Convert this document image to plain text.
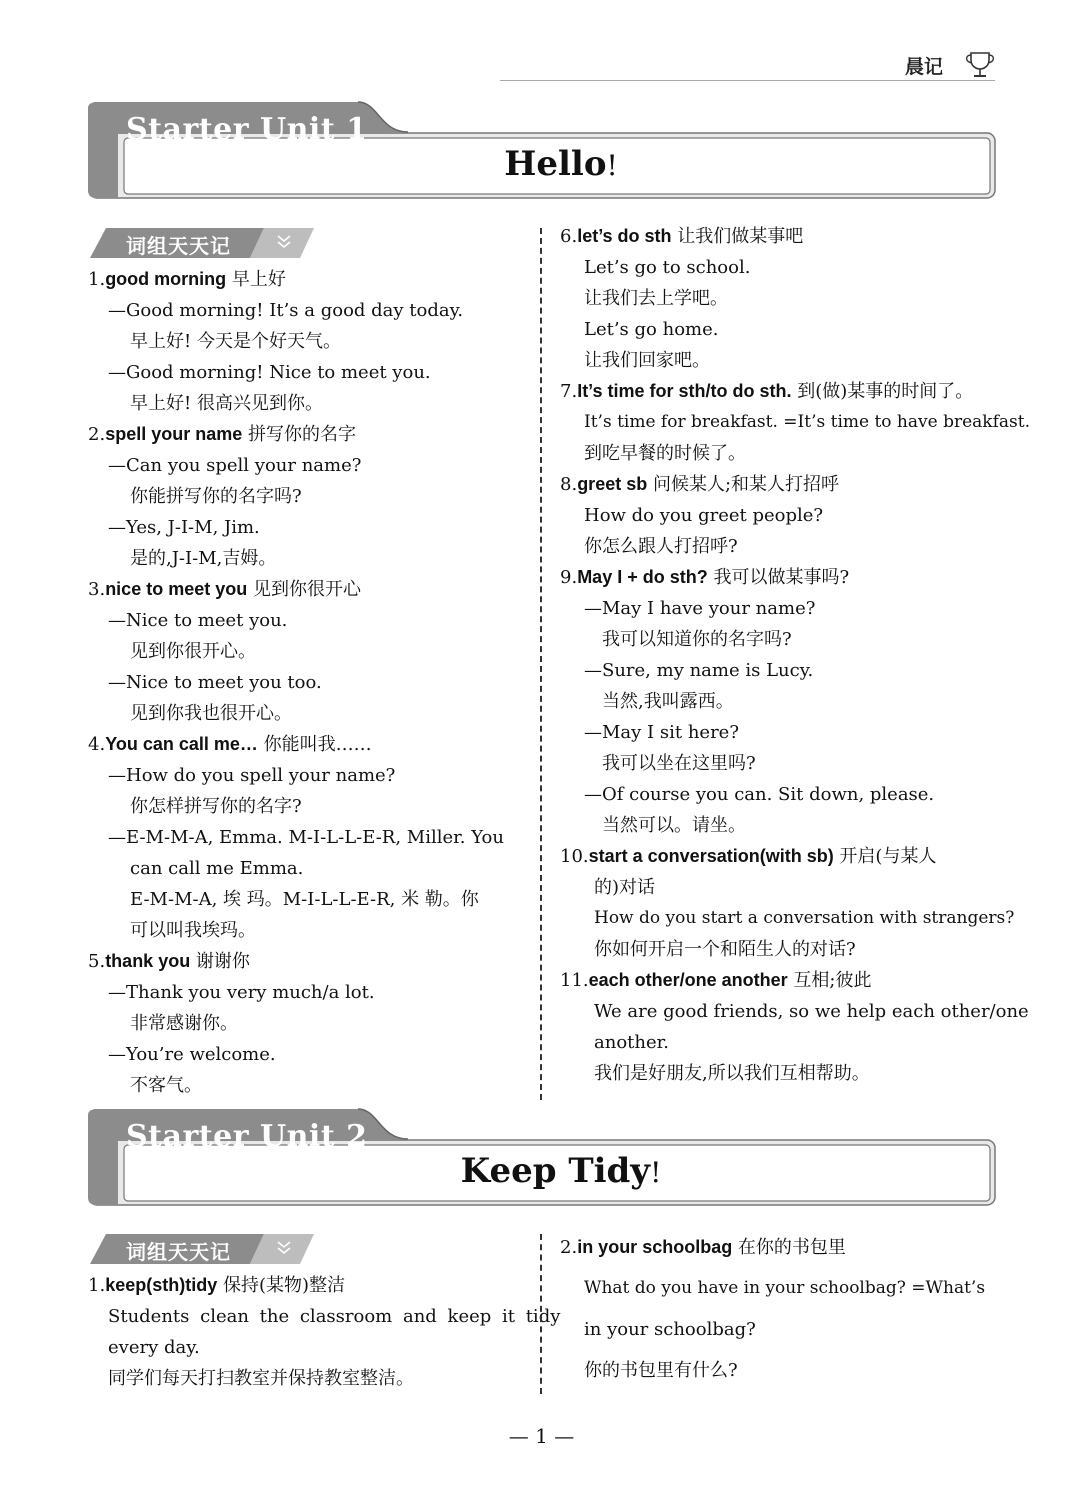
晨记
Starter Unit 1
Hello!
词组天天记
1.good morning 早上好
—Good morning! It’s a good day today.
早上好! 今天是个好天气。
—Good morning! Nice to meet you.
早上好! 很高兴见到你。
2.spell your name 拼写你的名字
—Can you spell your name?
你能拼写你的名字吗?
—Yes, J-I-M, Jim.
是的,J-I-M,吉姆。
3.nice to meet you 见到你很开心
—Nice to meet you.
见到你很开心。
—Nice to meet you too.
见到你我也很开心。
4.You can call me… 你能叫我……
—How do you spell your name?
你怎样拼写你的名字?
—E-M-M-A, Emma. M-I-L-L-E-R, Miller. You
can call me Emma.
E-M-M-A, 埃 玛。M-I-L-L-E-R, 米 勒。你
可以叫我埃玛。
5.thank you 谢谢你
—Thank you very much/a lot.
非常感谢你。
—You’re welcome.
不客气。
6.let’s do sth 让我们做某事吧
Let’s go to school.
让我们去上学吧。
Let’s go home.
让我们回家吧。
7.It’s time for sth/to do sth. 到(做)某事的时间了。
It’s time for breakfast. =It’s time to have breakfast.
到吃早餐的时候了。
8.greet sb 问候某人;和某人打招呼
How do you greet people?
你怎么跟人打招呼?
9.May I + do sth? 我可以做某事吗?
—May I have your name?
我可以知道你的名字吗?
—Sure, my name is Lucy.
当然,我叫露西。
—May I sit here?
我可以坐在这里吗?
—Of course you can. Sit down, please.
当然可以。请坐。
10.start a conversation(with sb) 开启(与某人
的)对话
How do you start a conversation with strangers?
你如何开启一个和陌生人的对话?
11.each other/one another 互相;彼此
We are good friends, so we help each other/one
another.
我们是好朋友,所以我们互相帮助。
Starter Unit 2
Keep Tidy!
词组天天记
1.keep(sth)tidy 保持(某物)整洁
Students clean the classroom and keep it tidy
every day.
同学们每天打扫教室并保持教室整洁。
2.in your schoolbag 在你的书包里
What do you have in your schoolbag? =What’s
in your schoolbag?
你的书包里有什么?
— 1 —
